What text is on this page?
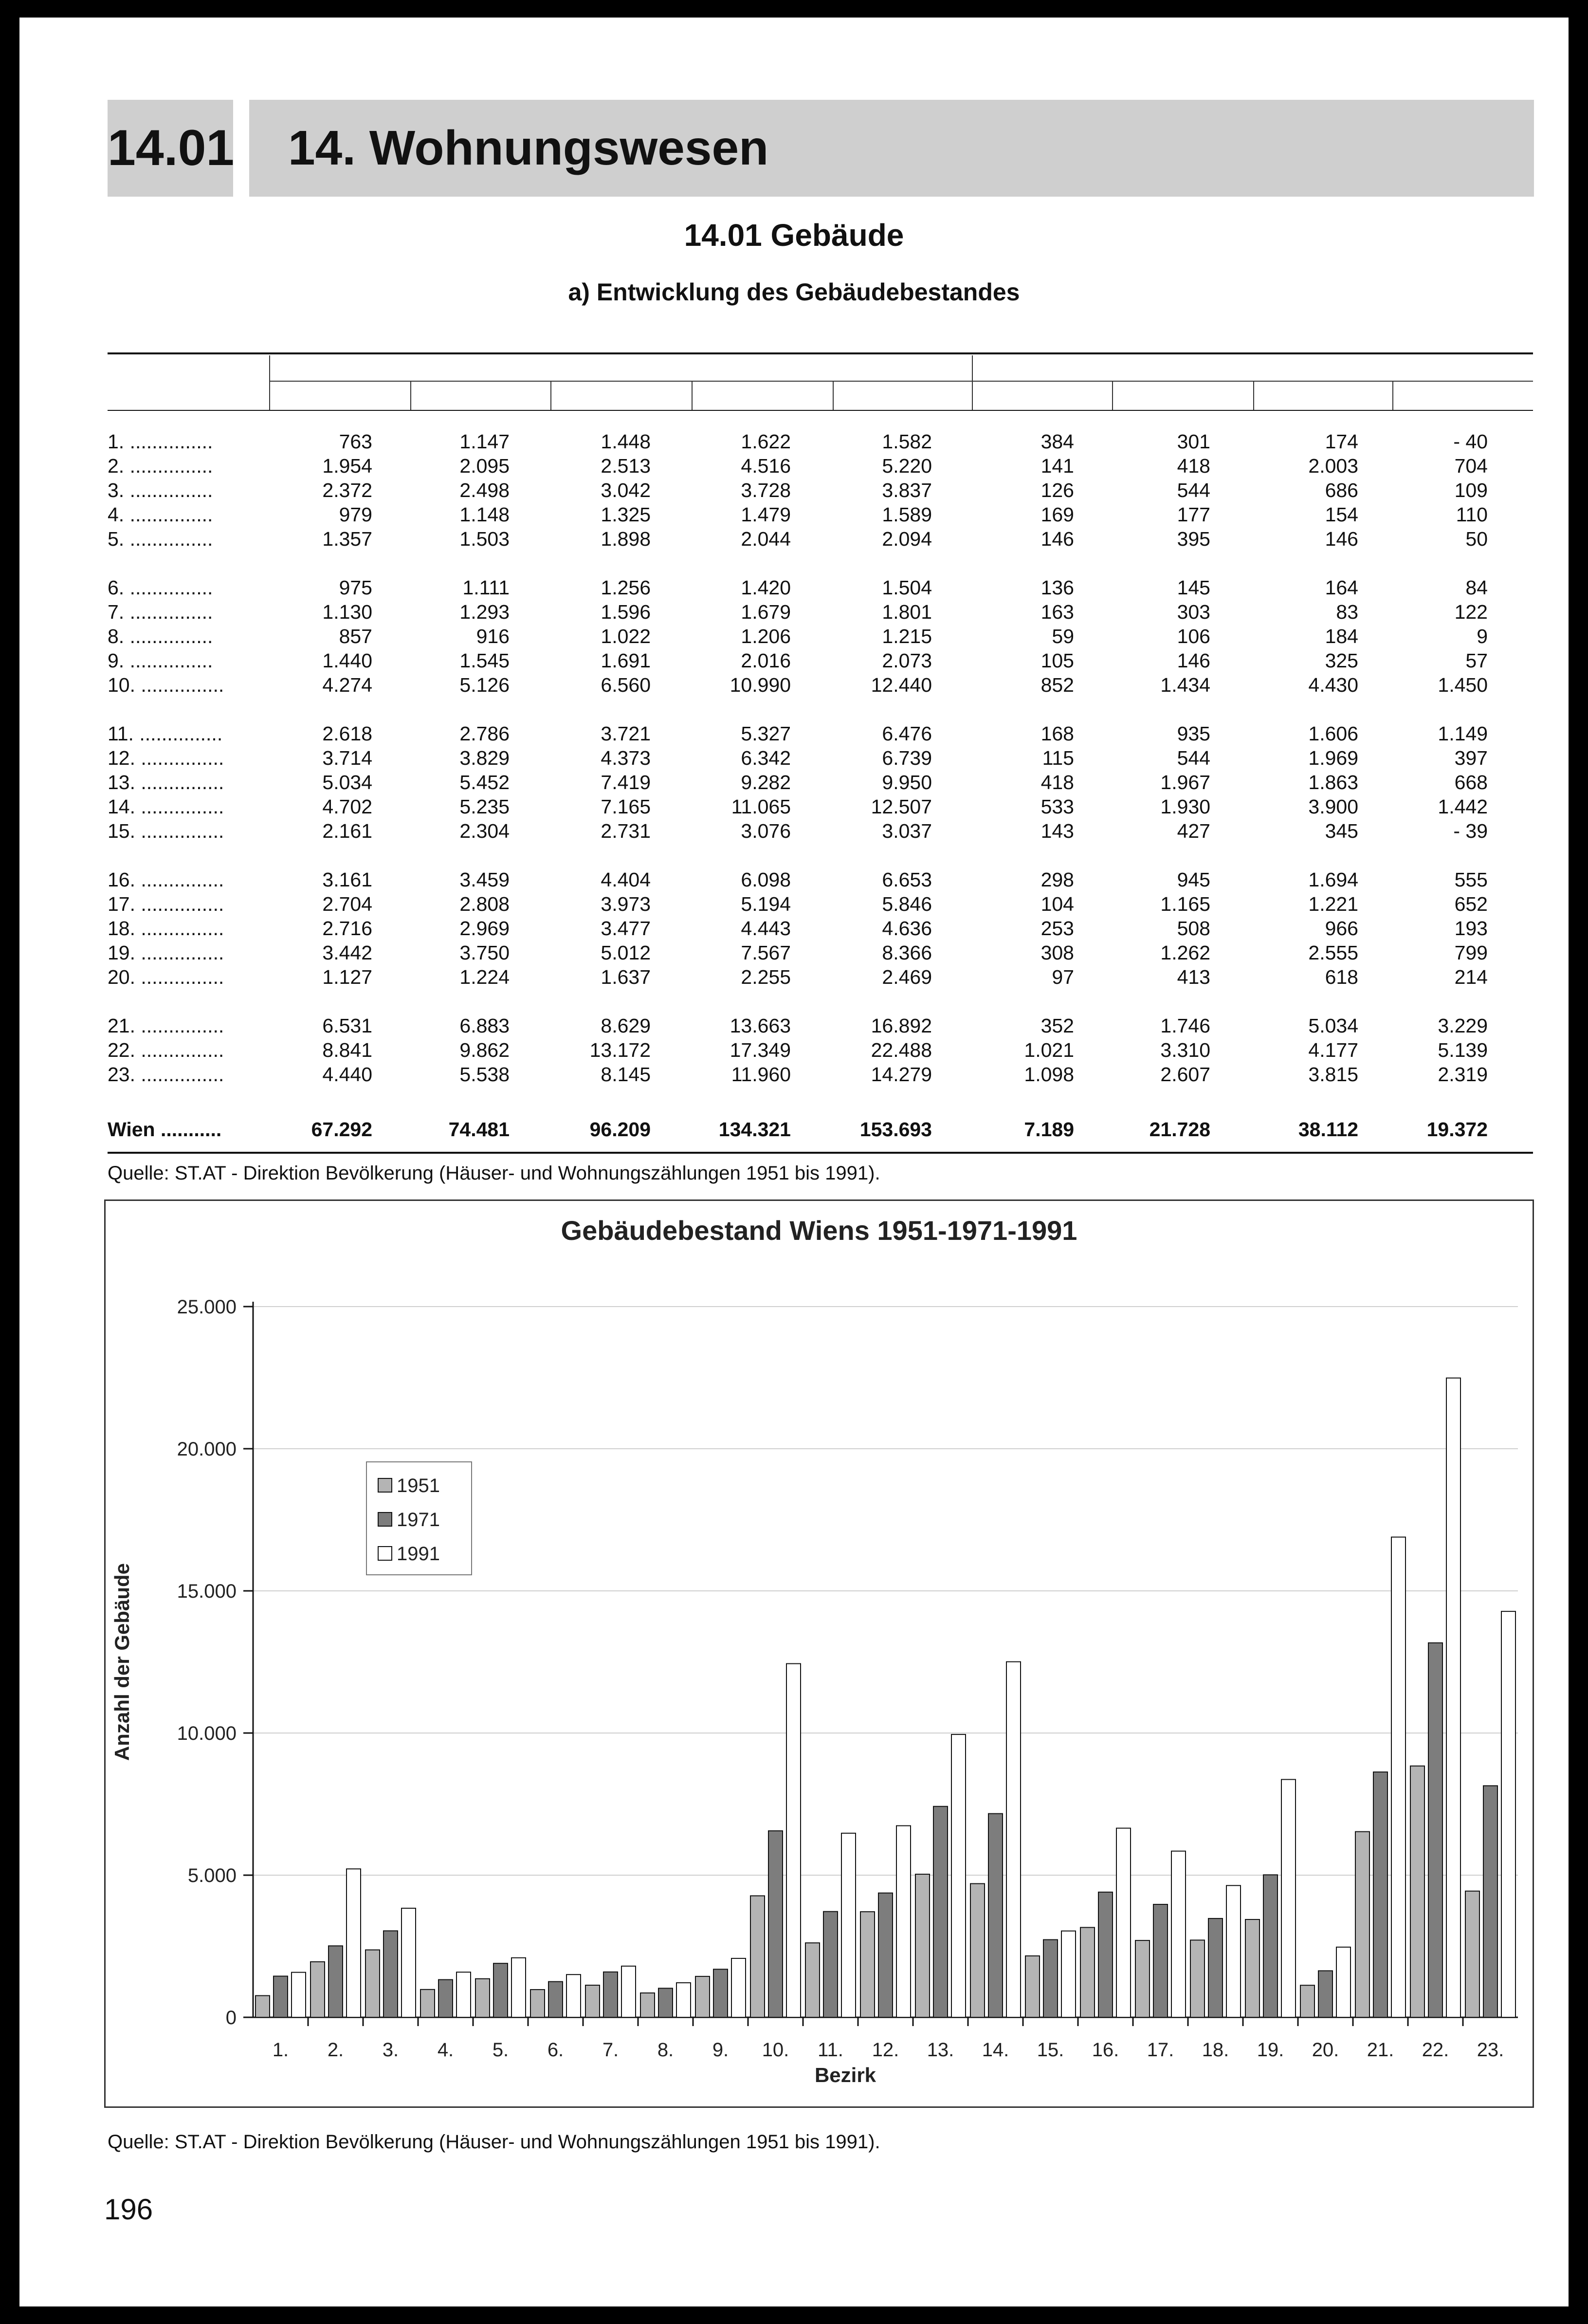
14.01	14. Wohnungswesen
14.01 Gebäude
a) Entwicklung des Gebäudebestandes
1. ...............	763	1.147	1.448	1.622	1.582	384	301	174	- 40
2. ...............	1.954	2.095	2.513	4.516	5.220	141	418	2.003	704
3. ...............	2.372	2.498	3.042	3.728	3.837	126	544	686	109
4. ...............	979	1.148	1.325	1.479	1.589	169	177	154	110
5. ...............	1.357	1.503	1.898	2.044	2.094	146	395	146	50
6. ...............	975	1.111	1.256	1.420	1.504	136	145	164	84
7. ...............	1.130	1.293	1.596	1.679	1.801	163	303	83	122
8. ...............	857	916	1.022	1.206	1.215	59	106	184	9
9. ...............	1.440	1.545	1.691	2.016	2.073	105	146	325	57
10. ...............	4.274	5.126	6.560	10.990	12.440	852	1.434	4.430	1.450
11. ...............	2.618	2.786	3.721	5.327	6.476	168	935	1.606	1.149
12. ...............	3.714	3.829	4.373	6.342	6.739	115	544	1.969	397
13. ...............	5.034	5.452	7.419	9.282	9.950	418	1.967	1.863	668
14. ...............	4.702	5.235	7.165	11.065	12.507	533	1.930	3.900	1.442
15. ...............	2.161	2.304	2.731	3.076	3.037	143	427	345	- 39
16. ...............	3.161	3.459	4.404	6.098	6.653	298	945	1.694	555
17. ...............	2.704	2.808	3.973	5.194	5.846	104	1.165	1.221	652
18. ...............	2.716	2.969	3.477	4.443	4.636	253	508	966	193
19. ...............	3.442	3.750	5.012	7.567	8.366	308	1.262	2.555	799
20. ...............	1.127	1.224	1.637	2.255	2.469	97	413	618	214
21. ...............	6.531	6.883	8.629	13.663	16.892	352	1.746	5.034	3.229
22. ...............	8.841	9.862	13.172	17.349	22.488	1.021	3.310	4.177	5.139
23. ...............	4.440	5.538	8.145	11.960	14.279	1.098	2.607	3.815	2.319
Wien ...........	67.292	74.481	96.209	134.321	153.693	7.189	21.728	38.112	19.372
Quelle: ST.AT - Direktion Bevölkerung (Häuser- und Wohnungszählungen 1951 bis 1991).
Gebäudebestand Wiens 1951-1971-1991
0
5.000
10.000
15.000
20.000
25.000
1. 2. 3. 4. 5. 6. 7. 8. 9. 10. 11. 12. 13. 14. 15. 16. 17. 18. 19. 20. 21. 22. 23.
Bezirk
Anzahl der Gebäude
1951
1971
1991
Quelle: ST.AT - Direktion Bevölkerung (Häuser- und Wohnungszählungen 1951 bis 1991).
196
